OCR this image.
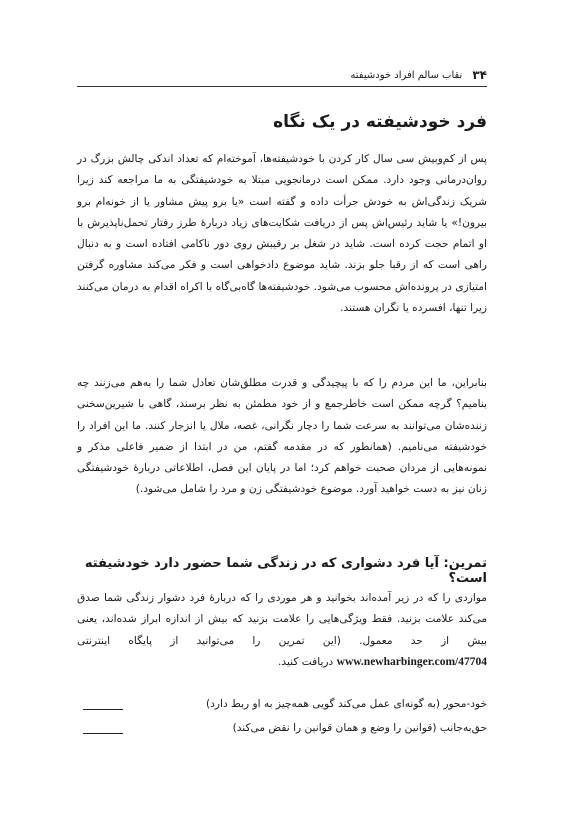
۳۴
نقاب سالم افراد خودشیفته
فرد خودشیفته در یک نگاه

پس از کم‌وبیش سی سال کار کردن با خودشیفته‌ها، آموخته‌ام که تعداد اندکی چالش بزرگ در روان‌درمانی وجود دارد. ممکن است درمانجویی مبتلا به خودشیفتگی به ما مراجعه کند زیرا شریک زندگی‌اش به خودش جرأت داده و گفته است «یا برو پیش مشاور یا از خونه‌ام برو بیرون!» یا شاید رئیس‌اش پس از دریافت شکایت‌های زیاد دربارهٔ طرز رفتار تحمل‌ناپذیرش با او اتمام حجت کرده است. شاید در شغل بر رقیبش روی دور ناکامی افتاده است و به دنبال راهی است که از رقبا جلو بزند. شاید موضوع دادخواهی است و فکر می‌کند مشاوره گرفتن امتیازی در پرونده‌اش محسوب می‌شود. خودشیفته‌ها گاه‌بی‌گاه با اکراه اقدام به درمان می‌کنند زیرا تنها، افسرده یا نگران هستند.

بنابراین، ما این مردم را که با پیچیدگی و قدرت مطلق‌شان تعادل شما را به‌هم می‌زنند چه بنامیم؟ گرچه ممکن است خاطرجمع و از خود مطمئن به نظر برسند، گاهی با شیرین‌سخنی زننده‌شان می‌توانند به سرعت شما را دچار نگرانی، غصه، ملال یا انزجار کنند. ما این افراد را خودشیفته می‌نامیم. (همانطور که در مقدمه گفتم، من در ابتدا از ضمیر فاعلی مذکر و نمونه‌هایی از مردان صحبت خواهم کرد؛ اما در پایان این فصل، اطلاعاتی دربارهٔ خودشیفتگی زنان نیز به دست خواهید آورد. موضوع خودشیفتگی زن و مرد را شامل می‌شود.)

تمرین: آیا فرد دشواری که در زندگی شما حضور دارد خودشیفته است؟

مواردی را که در زیر آمده‌اند بخوانید و هر موردی را که دربارهٔ فرد دشوار زندگی شما صدق می‌کند علامت بزنید. فقط ویژگی‌هایی را علامت بزنید که بیش از اندازه ابراز شده‌اند، یعنی بیش از حد معمول. (این تمرین را می‌توانید از پایگاه اینترنتی www.newharbinger.com/47704 دریافت کنید.

خود-محور (به گونه‌ای عمل می‌کند گویی همه‌چیز به او ربط دارد)
حق‌به‌جانب (قوانین را وضع و همان قوانین را نقض می‌کند)
